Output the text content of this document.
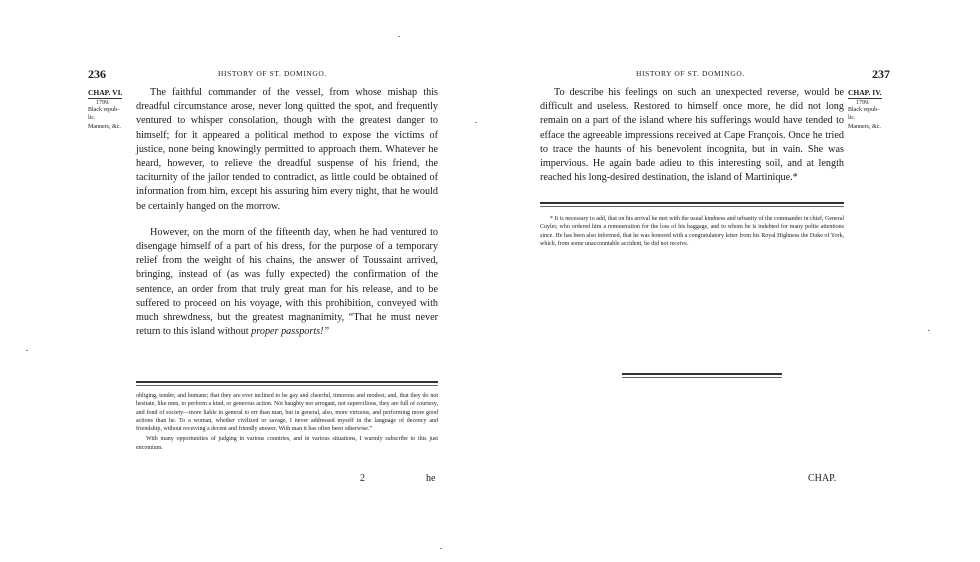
236	HISTORY OF ST. DOMINGO.
CHAP. VI.
1799.
Black repub-lic.
Manners, &c.

The faithful commander of the vessel, from whose mishap this dreadful circumstance arose, never long quitted the spot, and frequently ventured to whisper consolation, though with the greatest danger to himself; for it appeared a political method to expose the victims of justice, none being knowingly permitted to approach them. Whatever he heard, however, to relieve the dreadful suspense of his friend, the taciturnity of the jailor tended to contradict, as little could be obtained of information from him, except his assuring him every night, that he would be certainly hanged on the morrow.

However, on the morn of the fifteenth day, when he had ventured to disengage himself of a part of his dress, for the purpose of a temporary relief from the weight of his chains, the answer of Toussaint arrived, bringing, instead of (as was fully expected) the confirmation of the sentence, an order from that truly great man for his release, and to be suffered to proceed on his voyage, with this prohibition, conveyed with much shrewdness, but the greatest magnanimity, “That he must never return to this island without proper passports!”

obliging, tender, and humane; that they are ever inclined to be gay and cheerful, timorous and modest; and, that they do not hesitate, like men, to perform a kind, or generous action. Not haughty nor arrogant, not supercilious, they are full of courtesy, and fond of society—more liable in general to err than man, but in general, also, more virtuous, and performing more good actions than he. To a woman, whether civilized or savage, I never addressed myself in the language of decency and friendship, without receiving a decent and friendly answer. With man it has often been otherwise.”

With many opportunities of judging in various countries, and in various situations, I warmly subscribe to this just encomium.

2	he
HISTORY OF ST. DOMINGO.	237

To describe his feelings on such an unexpected reverse, would be difficult and useless. Restored to himself once more, he did not long remain on a part of the island where his sufferings would have tended to efface the agreeable impressions received at Cape François. Once he tried to trace the haunts of his benevolent incognita, but in vain. She was impervious. He again bade adieu to this interesting soil, and at length reached his long-desired destination, the island of Martinique.*

CHAP. IV.
1799.
Black repub-lic.
Manners, &c.

* It is necessary to add, that on his arrival he met with the usual kindness and urbanity of the commander in chief, General Cuyler, who ordered him a remuneration for the loss of his baggage, and to whom he is indebted for many polite attentions since. He has been also informed, that he was honored with a congratulatory letter from his Royal Highness the Duke of York, which, from some unaccountable accident, he did not receive.

CHAP.
